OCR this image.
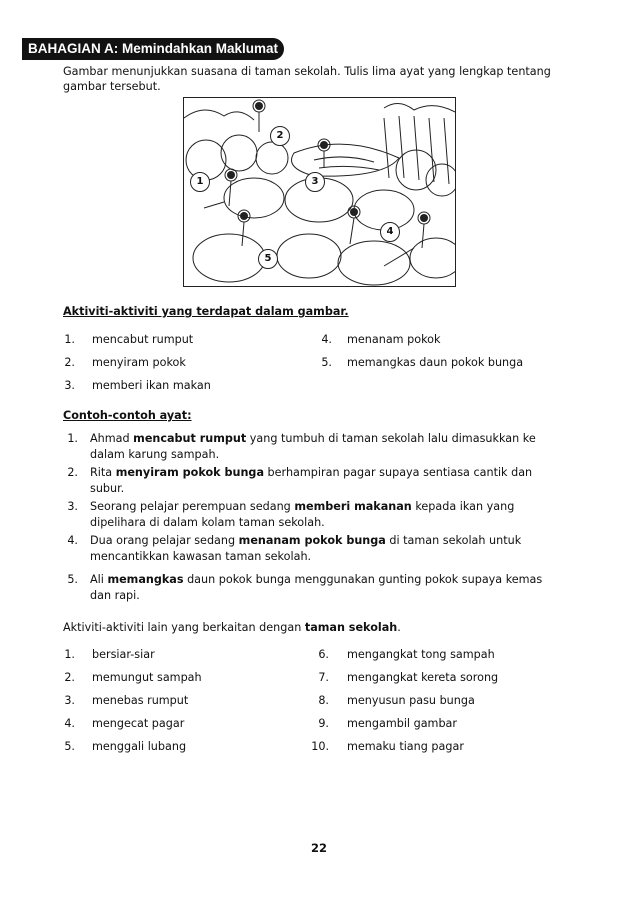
BAHAGIAN A: Memindahkan Maklumat
Gambar menunjukkan suasana di taman sekolah. Tulis lima ayat yang lengkap tentang gambar tersebut.
2
1	3
4
5
Aktiviti-aktiviti yang terdapat dalam gambar.
1. mencabut rumput
2. menyiram pokok
3. memberi ikan makan
4. menanam pokok
5. memangkas daun pokok bunga
Contoh-contoh ayat:
1. Ahmad mencabut rumput yang tumbuh di taman sekolah lalu dimasukkan ke dalam karung sampah.
2. Rita menyiram pokok bunga berhampiran pagar supaya sentiasa cantik dan subur.
3. Seorang pelajar perempuan sedang memberi makanan kepada ikan yang dipelihara di dalam kolam taman sekolah.
4. Dua orang pelajar sedang menanam pokok bunga di taman sekolah untuk mencantikkan kawasan taman sekolah.
5. Ali memangkas daun pokok bunga menggunakan gunting pokok supaya kemas dan rapi.
Aktiviti-aktiviti lain yang berkaitan dengan taman sekolah.
1. bersiar-siar
2. memungut sampah
3. menebas rumput
4. mengecat pagar
5. menggali lubang
6. mengangkat tong sampah
7. mengangkat kereta sorong
8. menyusun pasu bunga
9. mengambil gambar
10. memaku tiang pagar
22
